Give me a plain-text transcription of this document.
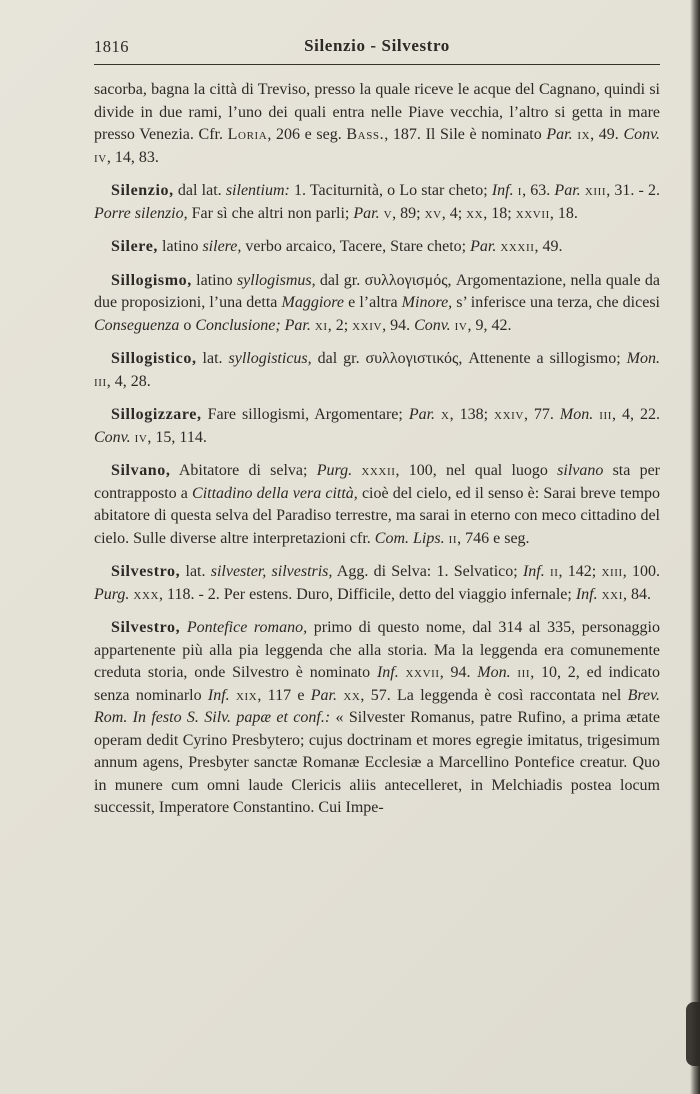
1816	Silenzio - Silvestro

sacorba, bagna la città di Treviso, presso la quale riceve le acque del Cagnano, quindi si divide in due rami, l’uno dei quali entra nelle Piave vecchia, l’altro si getta in mare presso Venezia. Cfr. Loria, 206 e seg. Bass., 187. Il Sile è nominato Par. ix, 49. Conv. iv, 14, 83.

Silenzio, dal lat. silentium: 1. Taciturnità, o Lo star cheto; Inf. i, 63. Par. xiii, 31. - 2. Porre silenzio, Far sì che altri non parli; Par. v, 89; xv, 4; xx, 18; xxvii, 18.

Silere, latino silere, verbo arcaico, Tacere, Stare cheto; Par. xxxii, 49.

Sillogismo, latino syllogismus, dal gr. συλλογισμός, Argomentazione, nella quale da due proposizioni, l’una detta Maggiore e l’altra Minore, s’ inferisce una terza, che dicesi Conseguenza o Conclusione; Par. xi, 2; xxiv, 94. Conv. iv, 9, 42.

Sillogistico, lat. syllogisticus, dal gr. συλλογιστικός, Attenente a sillogismo; Mon. iii, 4, 28.

Sillogizzare, Fare sillogismi, Argomentare; Par. x, 138; xxiv, 77. Mon. iii, 4, 22. Conv. iv, 15, 114.

Silvano, Abitatore di selva; Purg. xxxii, 100, nel qual luogo silvano sta per contrapposto a Cittadino della vera città, cioè del cielo, ed il senso è: Sarai breve tempo abitatore di questa selva del Paradiso terrestre, ma sarai in eterno con meco cittadino del cielo. Sulle diverse altre interpretazioni cfr. Com. Lips. ii, 746 e seg.

Silvestro, lat. silvester, silvestris, Agg. di Selva: 1. Selvatico; Inf. ii, 142; xiii, 100. Purg. xxx, 118. - 2. Per estens. Duro, Difficile, detto del viaggio infernale; Inf. xxi, 84.

Silvestro, Pontefice romano, primo di questo nome, dal 314 al 335, personaggio appartenente più alla pia leggenda che alla storia. Ma la leggenda era comunemente creduta storia, onde Silvestro è nominato Inf. xxvii, 94. Mon. iii, 10, 2, ed indicato senza nominarlo Inf. xix, 117 e Par. xx, 57. La leggenda è così raccontata nel Brev. Rom. In festo S. Silv. papæ et conf.: « Silvester Romanus, patre Rufino, a prima ætate operam dedit Cyrino Presbytero; cujus doctrinam et mores egregie imitatus, trigesimum annum agens, Presbyter sanctæ Romanæ Ecclesiæ a Marcellino Pontefice creatur. Quo in munere cum omni laude Clericis aliis antecelleret, in Melchiadis postea locum successit, Imperatore Constantino. Cui Impe-
